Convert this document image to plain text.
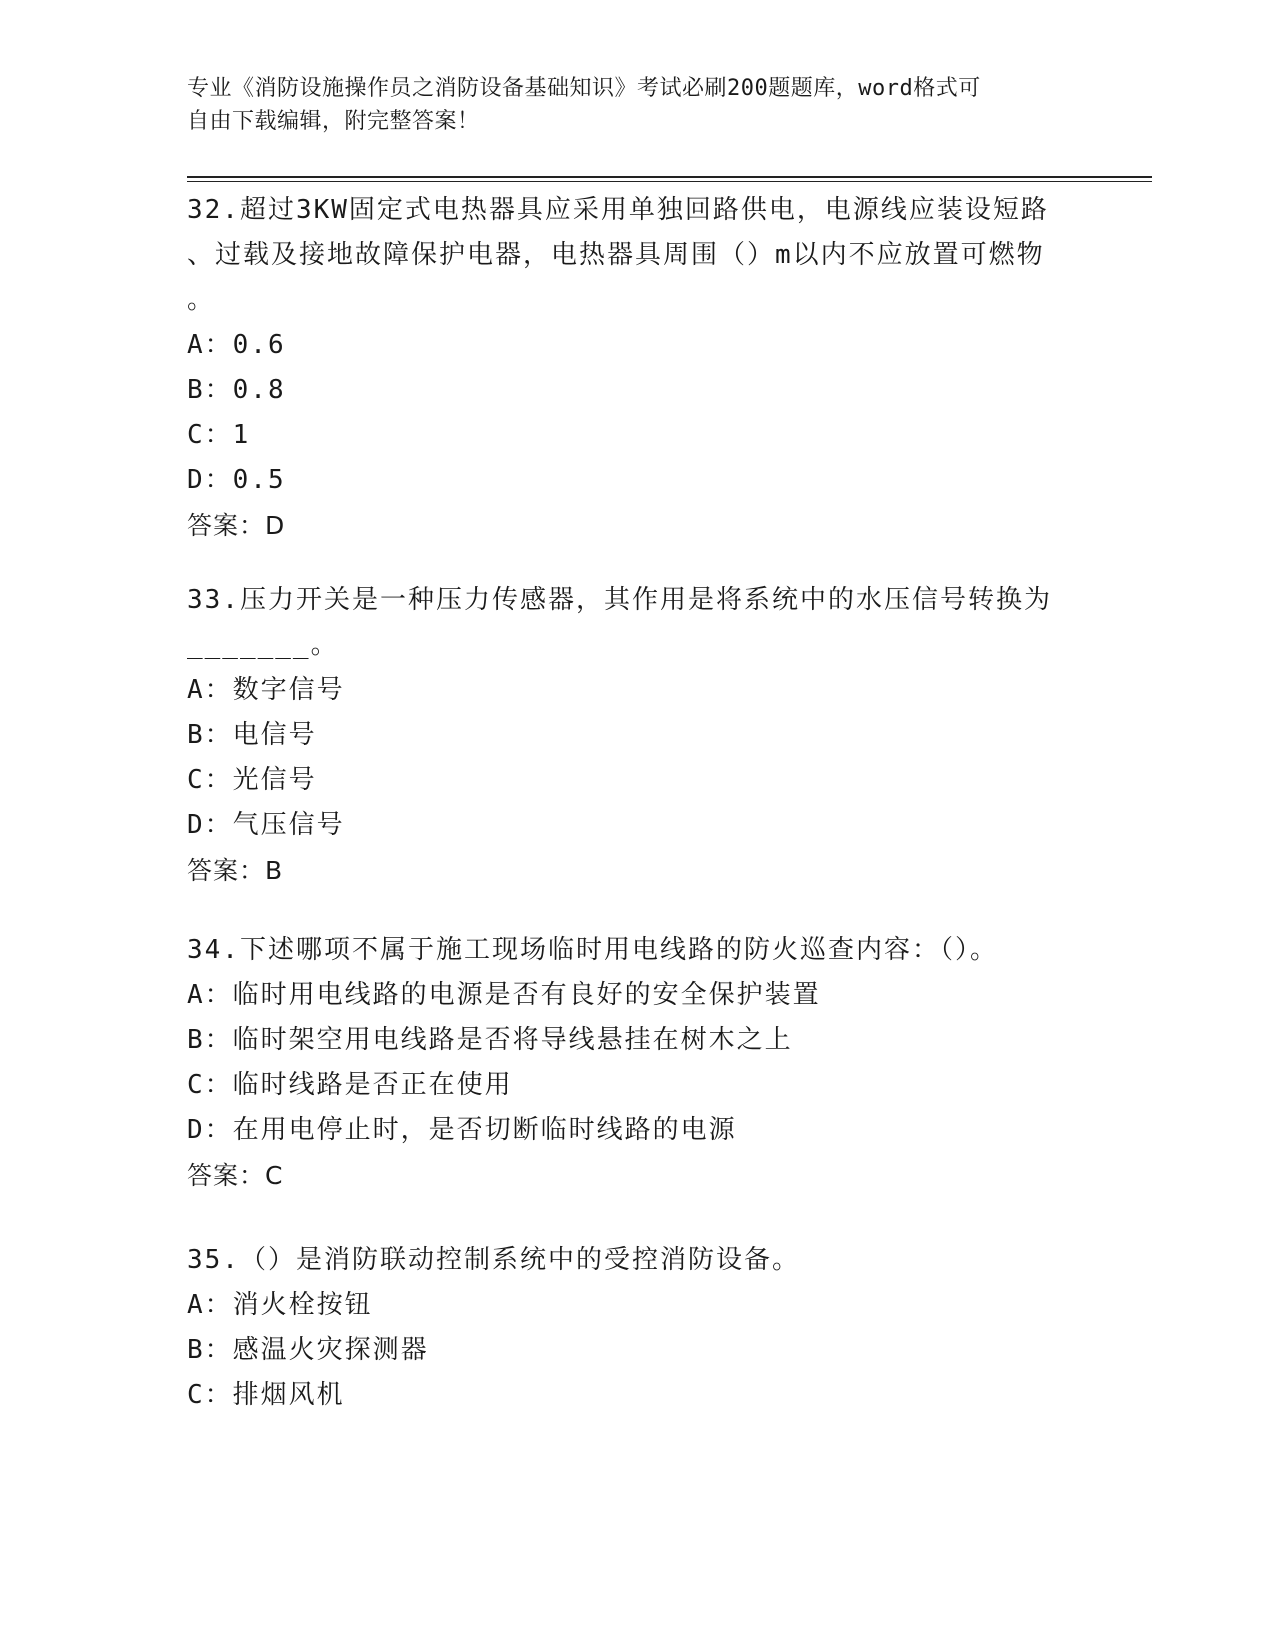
专业《消防设施操作员之消防设备基础知识》考试必刷200题题库，word格式可
自由下载编辑，附完整答案！

32.超过3KW固定式电热器具应采用单独回路供电，电源线应装设短路

、过载及接地故障保护电器，电热器具周围（）m以内不应放置可燃物

。

A：0.6

B：0.8

C：1

D：0.5

答案：D

33.压力开关是一种压力传感器，其作用是将系统中的水压信号转换为

_______。

A：数字信号

B：电信号

C：光信号

D：气压信号

答案：B

34.下述哪项不属于施工现场临时用电线路的防火巡查内容：（）。

A：临时用电线路的电源是否有良好的安全保护装置

B：临时架空用电线路是否将导线悬挂在树木之上

C：临时线路是否正在使用

D：在用电停止时，是否切断临时线路的电源

答案：C

35.（）是消防联动控制系统中的受控消防设备。

A：消火栓按钮

B：感温火灾探测器

C：排烟风机
